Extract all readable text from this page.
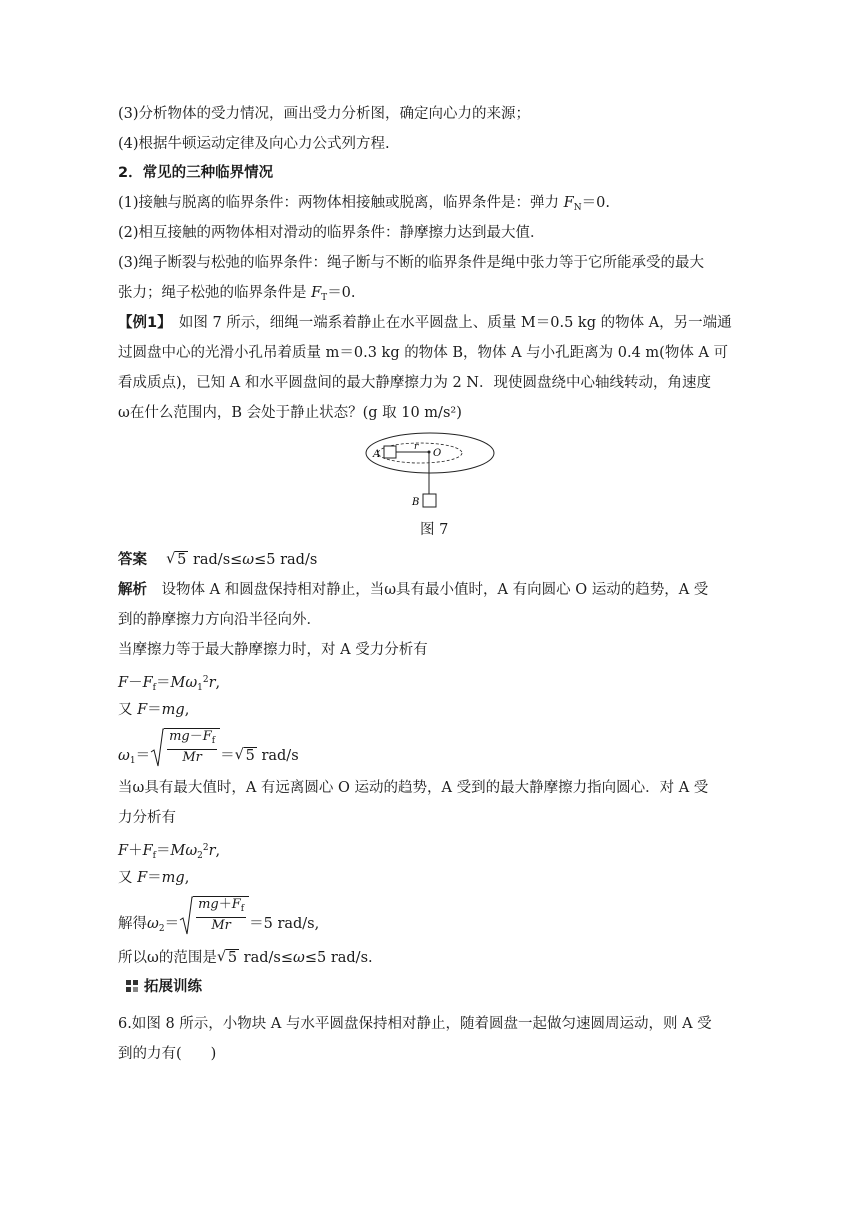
(3)分析物体的受力情况，画出受力分析图，确定向心力的来源；
(4)根据牛顿运动定律及向心力公式列方程.
2．常见的三种临界情况
(1)接触与脱离的临界条件：两物体相接触或脱离，临界条件是：弹力 $F_N=0$.
(2)相互接触的两物体相对滑动的临界条件：静摩擦力达到最大值．
(3)绳子断裂与松弛的临界条件：绳子断与不断的临界条件是绳中张力等于它所能承受的最大
张力；绳子松弛的临界条件是 $F_T=0$.
【例1】　 如图 7 所示，细绳一端系着静止在水平圆盘上、质量 M＝0.5 kg 的物体 A，另一端通
过圆盘中心的光滑小孔吊着质量 m＝0.3 kg 的物体 B，物体 A 与小孔距离为 0.4 m(物体 A 可
看成质点)，已知 A 和水平圆盘间的最大静摩擦力为 2 N．现使圆盘绕中心轴线转动，角速度
ω在什么范围内，B 会处于静止状态？(g 取 10 m/s²)
A
r
O
B
图 7
答案　 √ 5 rad/s≤ω≤5 rad/s
解析　 设物体 A 和圆盘保持相对静止，当ω具有最小值时，A 有向圆心 O 运动的趋势，A 受
到的静摩擦力方向沿半径向外．
当摩擦力等于最大静摩擦力时，对 A 受力分析有
$F-F_f=M\omega_1^2r$,
又 F＝mg,
$\omega_1= \frac{mg-F_f}{Mr}$ ＝ √ 5 rad/s
当ω具有最大值时，A 有远离圆心 O 运动的趋势，A 受到的最大静摩擦力指向圆心．对 A 受
力分析有
$F+F_f=M\omega_2^2r$,
又 F＝mg,
解得$\omega_2= \frac{mg+F_f}{Mr} =5$ rad/s,
所以ω的范围是 √ 5 rad/s≤ω≤5 rad/s.
拓展训练
6.如图 8 所示，小物块 A 与水平圆盘保持相对静止，随着圆盘一起做匀速圆周运动，则 A 受
到的力有(　　)
